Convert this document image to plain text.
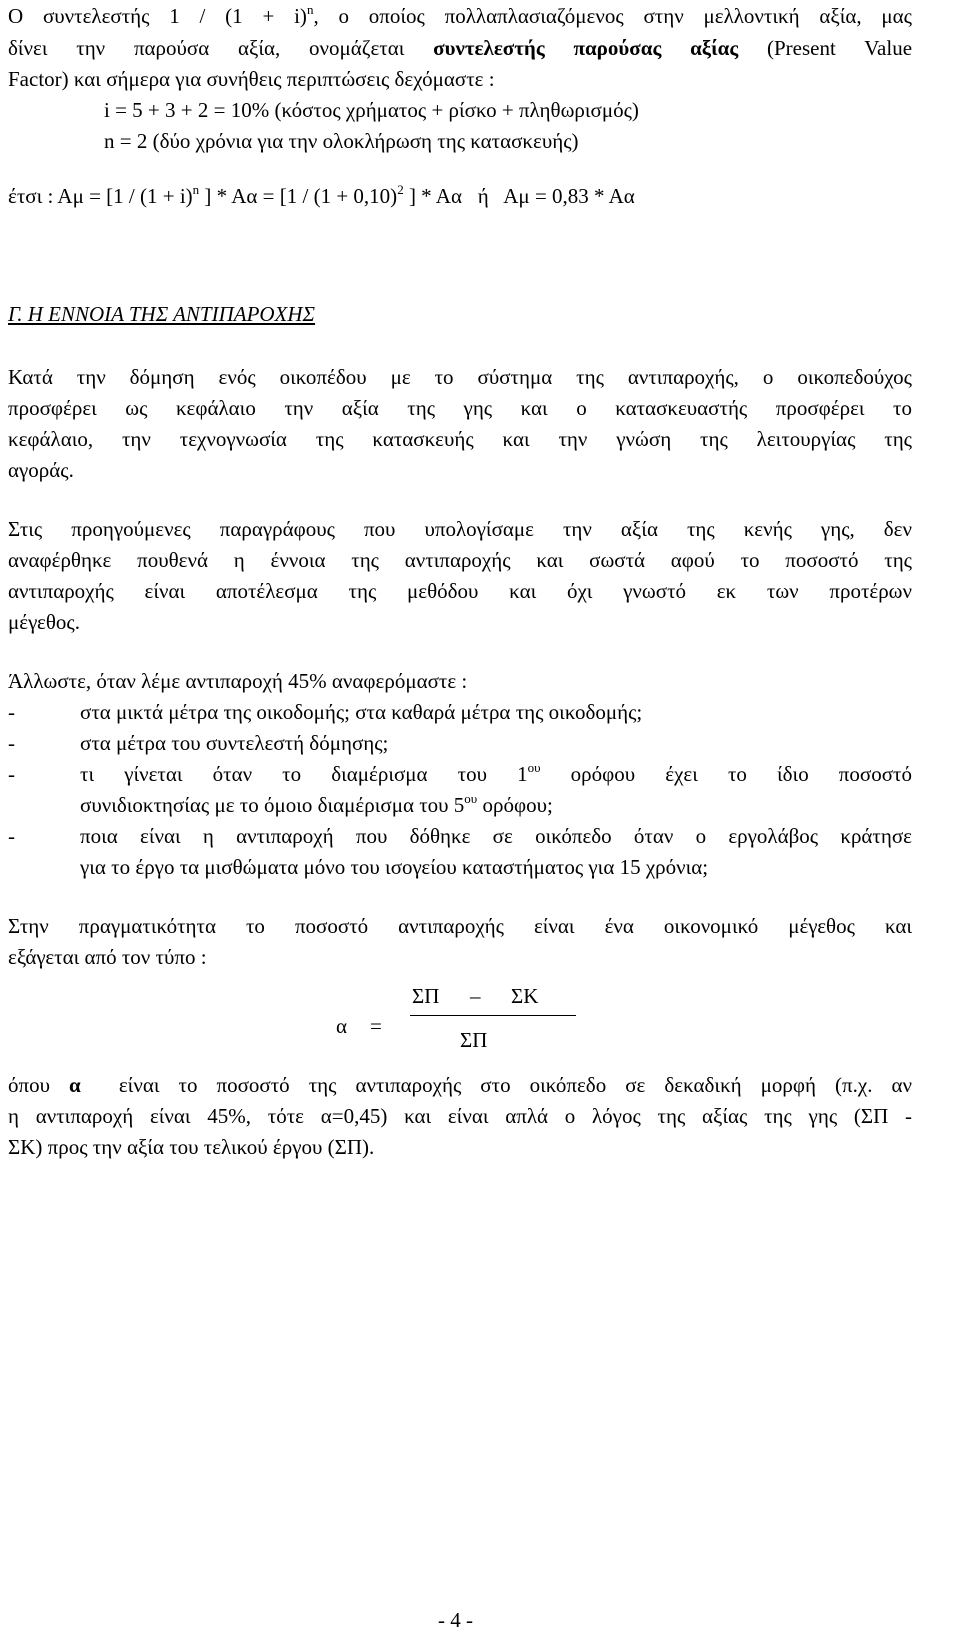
Ο συντελεστής $1 / (1 + i)^n$, ο οποίος πολλαπλασιαζόμενος στην μελλοντική αξία, μας
δίνει την παρούσα αξία, ονομάζεται συντελεστής παρούσας αξίας (Present Value
Factor) και σήμερα για συνήθεις περιπτώσεις δεχόμαστε :
i = 5 + 3 + 2 = 10% (κόστος χρήματος + ρίσκο + πληθωρισμός)
n = 2 (δύο χρόνια για την ολοκλήρωση της κατασκευής)
έτσι : $A\mu = [1 / (1 + i)^n$ ] * $A\alpha = [1 / (1 + 0,10)^2$ ] * Αα   ή   Αμ = 0,83 * Αα
Γ. Η ΕΝΝΟΙΑ ΤΗΣ ΑΝΤΙΠΑΡΟΧΗΣ
Κατά την δόμηση ενός οικοπέδου με το σύστημα της αντιπαροχής, ο οικοπεδούχος
προσφέρει ως κεφάλαιο την αξία της γης και ο κατασκευαστής προσφέρει το
κεφάλαιο, την τεχνογνωσία της κατασκευής και την γνώση της λειτουργίας της
αγοράς.
Στις προηγούμενες παραγράφους που υπολογίσαμε την αξία της κενής γης, δεν
αναφέρθηκε πουθενά η έννοια της αντιπαροχής και σωστά αφού το ποσοστό της
αντιπαροχής είναι αποτέλεσμα της μεθόδου και όχι γνωστό εκ των προτέρων
μέγεθος.
Άλλωστε, όταν λέμε αντιπαροχή 45% αναφερόμαστε :
-	στα μικτά μέτρα της οικοδομής; στα καθαρά μέτρα της οικοδομής;
-	στα μέτρα του συντελεστή δόμησης;
-	τι γίνεται όταν το διαμέρισμα του $1^{o\upsilon}$ ορόφου έχει το ίδιο ποσοστό
συνιδιοκτησίας με το όμοιο διαμέρισμα του $5^{o\upsilon}$ ορόφου;
-	ποια είναι η αντιπαροχή που δόθηκε σε οικόπεδο όταν ο εργολάβος κράτησε
για το έργο τα μισθώματα μόνο του ισογείου καταστήματος για 15 χρόνια;
Στην πραγματικότητα το ποσοστό αντιπαροχής είναι ένα οικονομικό μέγεθος και
εξάγεται από τον τύπο :
α =
ΣΠ – ΣΚ
ΣΠ
όπου α  είναι το ποσοστό της αντιπαροχής στο οικόπεδο σε δεκαδική μορφή (π.χ. αν
η αντιπαροχή είναι 45%, τότε α=0,45) και είναι απλά ο λόγος της αξίας της γης (ΣΠ -
ΣΚ) προς την αξία του τελικού έργου (ΣΠ).
- 4 -
